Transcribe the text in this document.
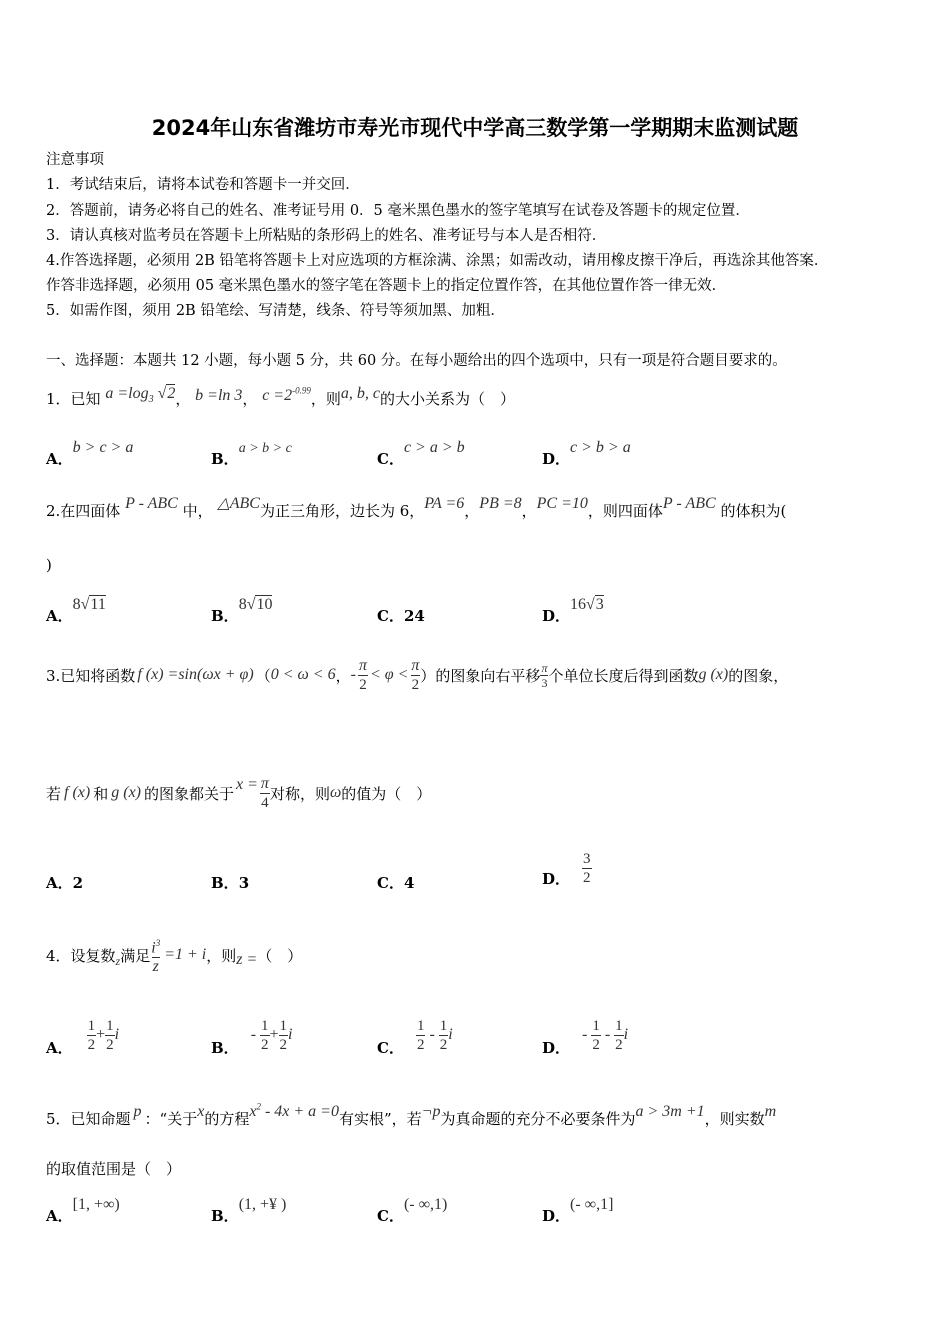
2024年山东省潍坊市寿光市现代中学高三数学第一学期期末监测试题
注意事项
1．考试结束后，请将本试卷和答题卡一并交回．
2．答题前，请务必将自己的姓名、准考证号用 0．5 毫米黑色墨水的签字笔填写在试卷及答题卡的规定位置．
3．请认真核对监考员在答题卡上所粘贴的条形码上的姓名、准考证号与本人是否相符．
4.作答选择题，必须用 2B 铅笔将答题卡上对应选项的方框涂满、涂黑；如需改动，请用橡皮擦干净后，再选涂其他答案．
作答非选择题，必须用 05 毫米黑色墨水的签字笔在答题卡上的指定位置作答，在其他位置作答一律无效．
5．如需作图，须用 2B 铅笔绘、写清楚，线条、符号等须加黑、加粗．
一、选择题：本题共 12 小题，每小题 5 分，共 60 分。在每小题给出的四个选项中，只有一项是符合题目要求的。
1．已知 $a =\log_3$ √2， b =ln 3， $c =2^{-0.99}$，则a, b, c的大小关系为（　）
A．b > c > a
B．a > b > c
C．c > a > b
D．c > b > a
2.在四面体 P - ABC 中， △ABC为正三角形，边长为 6，PA =6，PB =8，PC =10，则四面体P - ABC 的体积为(
)
A．8√11
B．8√10
C．24	D．16√3
3.已知将函数 f (x) =sin(ωx + φ) （ 0 < ω < 6 ， - $\frac{\pi}{2} < \varphi < \frac{\pi}{2}$ ）的图象向右平移 $\frac{\pi}{3}$ 个单位长度后得到函数 g (x) 的图象，
若 f (x) 和 g (x) 的图象都关于 $x = \frac{\pi}{4}$ 对称，则 ω 的值为（　）
A．2	B．3	C．4	D． $\frac{3}{2}$
4．设复数 z 满足 $\frac{i^3}{z} =1 + i$ ，则 z = （　）
A． $\frac{1}{2} + \frac{1}{2}$ i
B．
- $\frac{1}{2} + \frac{1}{2}$ i
C． $\frac{1}{2} - \frac{1}{2}$ i
D．
- $\frac{1}{2} - \frac{1}{2}$ i
5．已知命题 p ：“关于x的方程$x^2 - 4x + a =0$有实根”，若¬p为真命题的充分不必要条件为a > 3m +1，则实数m
的取值范围是（　）
A．[1, +∞)
B．(1, +¥ )
C．(- ∞,1)
D．(- ∞,1]
